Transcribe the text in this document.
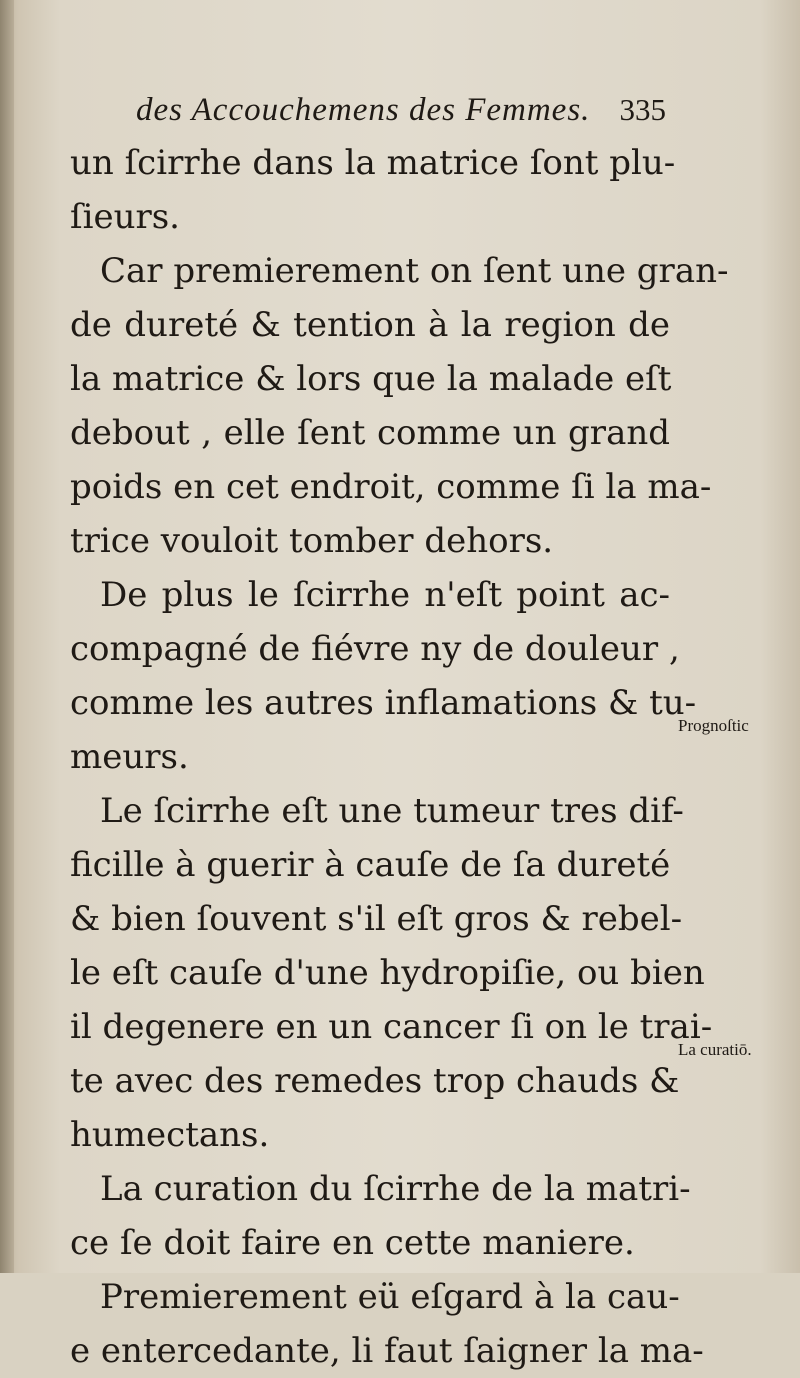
des Accouchemens des Femmes. 335
un ſcirrhe dans la matrice ſont plu-
ſieurs.
Car premierement on ſent une gran-
de dureté & tention à la region de
la matrice & lors que la malade eſt
debout , elle ſent comme un grand
poids en cet endroit, comme ſi la ma-
trice vouloit tomber dehors.
De plus le ſcirrhe n'eſt point ac-
compagné de fiévre ny de douleur ,
comme les autres inflamations & tu-
meurs.
Le ſcirrhe eſt une tumeur tres dif-
ficille à guerir à cauſe de ſa dureté
& bien ſouvent s'il eſt gros & rebel-
le eſt cauſe d'une hydropiſie, ou bien
il degenere en un cancer ſi on le trai-
te avec des remedes trop chauds &
humectans.
La curation du ſcirrhe de la matri-
ce ſe doit faire en cette maniere.
Premierement eü eſgard à la cau-
e entercedante, li faut ſaigner la ma-
Prognoſtic
La curatiō.
